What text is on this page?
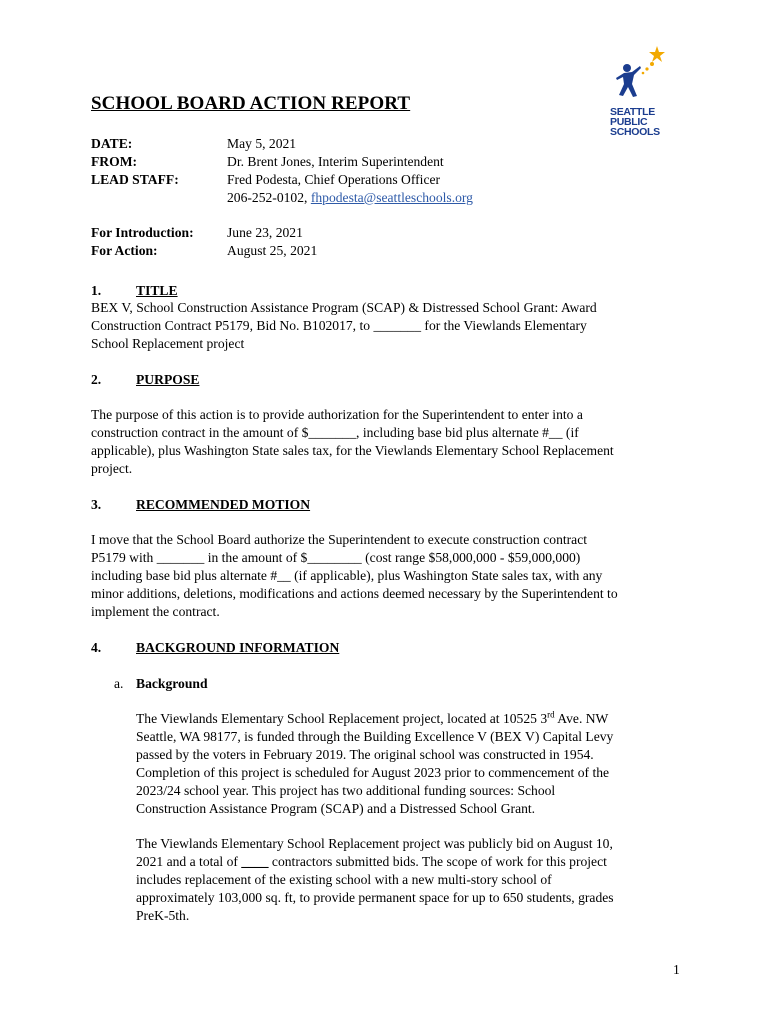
SEATTLE
PUBLIC
SCHOOLS
SCHOOL BOARD ACTION REPORT
DATE:	May 5, 2021
FROM:	Dr. Brent Jones, Interim Superintendent
LEAD STAFF:	Fred Podesta, Chief Operations Officer
206-252-0102, fhpodesta@seattleschools.org
For Introduction: June 23, 2021
For Action:	August 25, 2021
1.	TITLE
BEX V, School Construction Assistance Program (SCAP) & Distressed School Grant: Award
Construction Contract P5179, Bid No. B102017, to _______ for the Viewlands Elementary
School Replacement project
2.	PURPOSE
The purpose of this action is to provide authorization for the Superintendent to enter into a
construction contract in the amount of $_______, including base bid plus alternate #__ (if
applicable), plus Washington State sales tax, for the Viewlands Elementary School Replacement
project.
3.	RECOMMENDED MOTION
I move that the School Board authorize the Superintendent to execute construction contract
P5179 with _______ in the amount of $________ (cost range $58,000,000 - $59,000,000)
including base bid plus alternate #__ (if applicable), plus Washington State sales tax, with any
minor additions, deletions, modifications and actions deemed necessary by the Superintendent to
implement the contract.
4.	BACKGROUND INFORMATION
a. Background
The Viewlands Elementary School Replacement project, located at 10525 3rd Ave. NW
Seattle, WA 98177, is funded through the Building Excellence V (BEX V) Capital Levy
passed by the voters in February 2019. The original school was constructed in 1954.
Completion of this project is scheduled for August 2023 prior to commencement of the
2023/24 school year. This project has two additional funding sources: School
Construction Assistance Program (SCAP) and a Distressed School Grant.
The Viewlands Elementary School Replacement project was publicly bid on August 10,
2021 and a total of ____ contractors submitted bids. The scope of work for this project
includes replacement of the existing school with a new multi-story school of
approximately 103,000 sq. ft, to provide permanent space for up to 650 students, grades
PreK-5th.
1
